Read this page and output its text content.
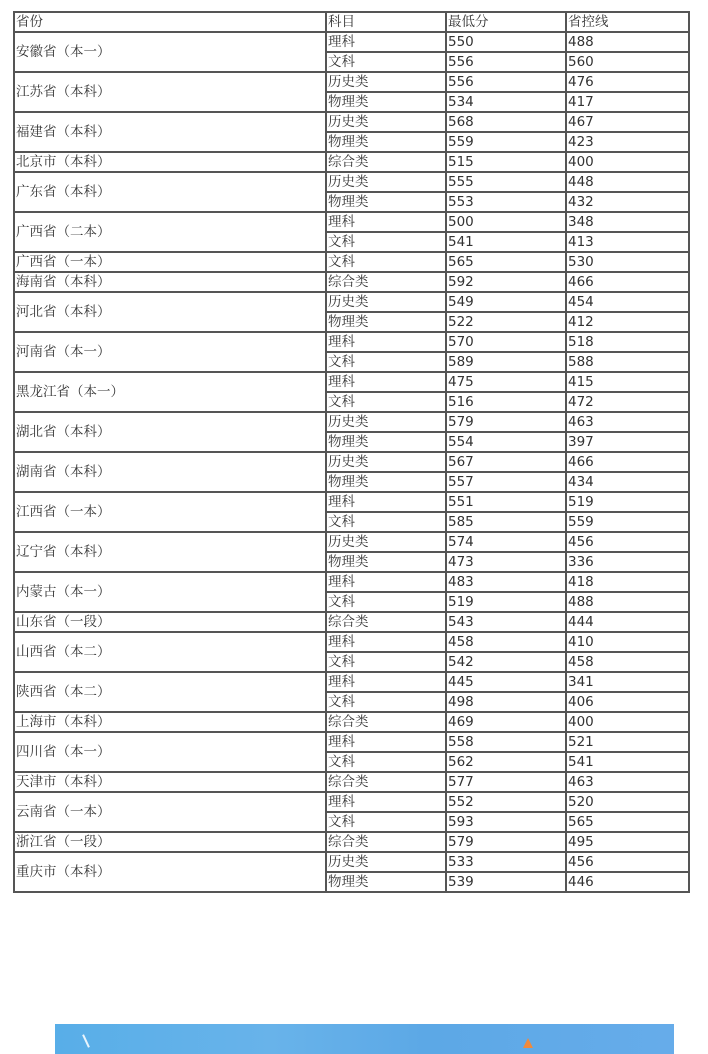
省份	科目	最低分	省控线
安徽省（本一）	理科	550	488
	文科	556	560
江苏省（本科）	历史类	556	476
	物理类	534	417
福建省（本科）	历史类	568	467
	物理类	559	423
北京市（本科）	综合类	515	400
广东省（本科）	历史类	555	448
	物理类	553	432
广西省（二本）	理科	500	348
	文科	541	413
广西省（一本）	文科	565	530
海南省（本科）	综合类	592	466
河北省（本科）	历史类	549	454
	物理类	522	412
河南省（本一）	理科	570	518
	文科	589	588
黑龙江省（本一）	理科	475	415
	文科	516	472
湖北省（本科）	历史类	579	463
	物理类	554	397
湖南省（本科）	历史类	567	466
	物理类	557	434
江西省（一本）	理科	551	519
	文科	585	559
辽宁省（本科）	历史类	574	456
	物理类	473	336
内蒙古（本一）	理科	483	418
	文科	519	488
山东省（一段）	综合类	543	444
山西省（本二）	理科	458	410
	文科	542	458
陕西省（本二）	理科	445	341
	文科	498	406
上海市（本科）	综合类	469	400
四川省（本一）	理科	558	521
	文科	562	541
天津市（本科）	综合类	577	463
云南省（一本）	理科	552	520
	文科	593	565
浙江省（一段）	综合类	579	495
重庆市（本科）	历史类	533	456
	物理类	539	446
